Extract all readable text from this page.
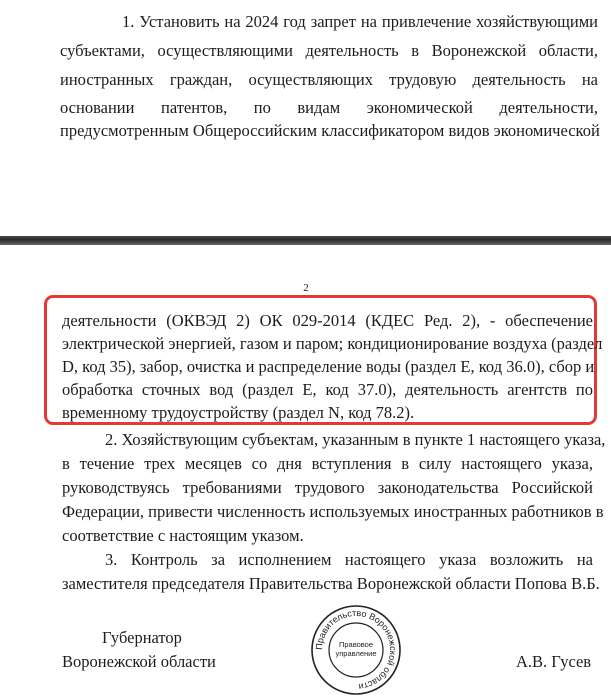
1. Установить на 2024 год запрет на привлечение хозяйствующими
субъектами, осуществляющими деятельность в Воронежской области,
иностранных граждан, осуществляющих трудовую деятельность на
основании патентов, по видам экономической деятельности,
предусмотренным Общероссийским классификатором видов экономической
2
деятельности (ОКВЭД 2) ОК 029-2014 (КДЕС Ред. 2), - обеспечение
электрической энергией, газом и паром; кондиционирование воздуха (раздел
D, код 35), забор, очистка и распределение воды (раздел E, код 36.0), сбор и
обработка сточных вод (раздел E, код 37.0), деятельность агентств по
временному трудоустройству (раздел N, код 78.2).
2. Хозяйствующим субъектам, указанным в пункте 1 настоящего указа,
в течение трех месяцев со дня вступления в силу настоящего указа,
руководствуясь требованиями трудового законодательства Российской
Федерации, привести численность используемых иностранных работников в
соответствие с настоящим указом.
3. Контроль за исполнением настоящего указа возложить на
заместителя председателя Правительства Воронежской области Попова В.Б.
Губернатор
Воронежской области	А.В. Гусев
Правительство Воронежской области
Правовое
управление
